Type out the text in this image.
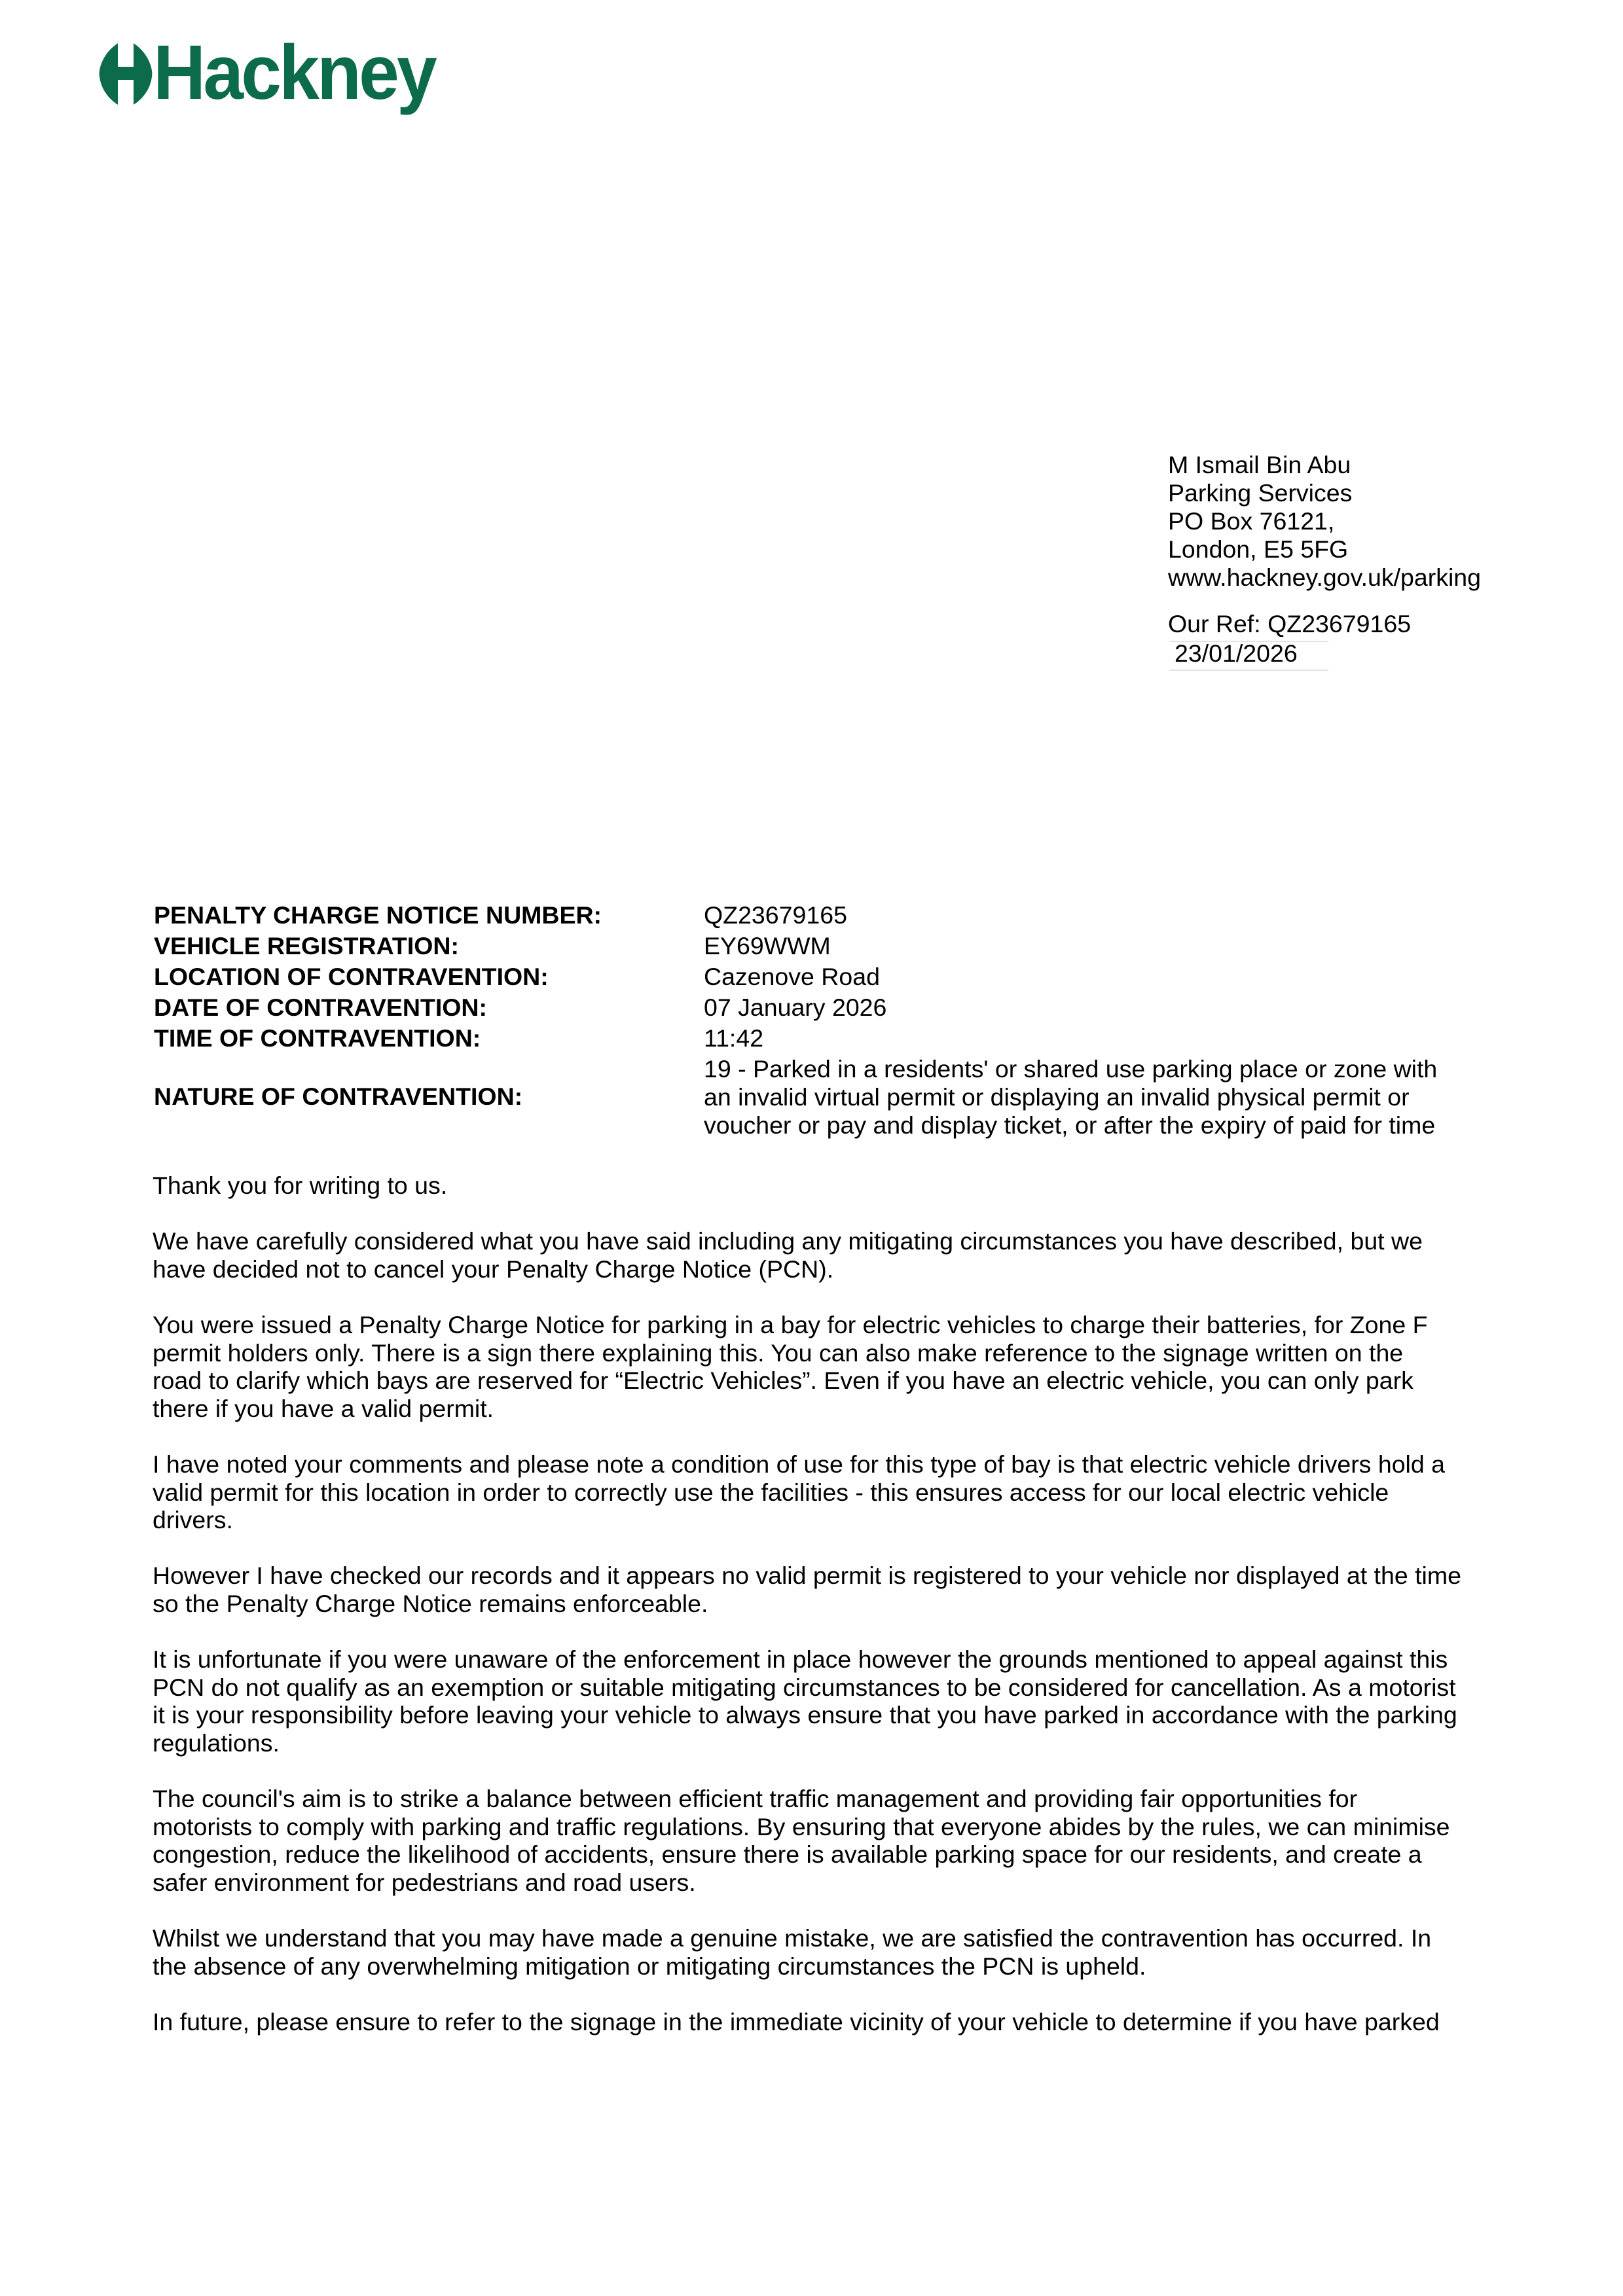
Hackney
M Ismail Bin Abu
Parking Services
PO Box 76121,
London, E5 5FG
www.hackney.gov.uk/parking
Our Ref: QZ23679165
23/01/2026
PENALTY CHARGE NOTICE NUMBER:	QZ23679165
VEHICLE REGISTRATION:	EY69WWM
LOCATION OF CONTRAVENTION:	Cazenove Road
DATE OF CONTRAVENTION:	07 January 2026
TIME OF CONTRAVENTION:	11:42
NATURE OF CONTRAVENTION:
19 - Parked in a residents' or shared use parking place or zone with
an invalid virtual permit or displaying an invalid physical permit or
voucher or pay and display ticket, or after the expiry of paid for time

Thank you for writing to us.

We have carefully considered what you have said including any mitigating circumstances you have described, but we
have decided not to cancel your Penalty Charge Notice (PCN).

You were issued a Penalty Charge Notice for parking in a bay for electric vehicles to charge their batteries, for Zone F
permit holders only. There is a sign there explaining this. You can also make reference to the signage written on the
road to clarify which bays are reserved for “Electric Vehicles”. Even if you have an electric vehicle, you can only park
there if you have a valid permit.

I have noted your comments and please note a condition of use for this type of bay is that electric vehicle drivers hold a
valid permit for this location in order to correctly use the facilities - this ensures access for our local electric vehicle
drivers.

However I have checked our records and it appears no valid permit is registered to your vehicle nor displayed at the time
so the Penalty Charge Notice remains enforceable.

It is unfortunate if you were unaware of the enforcement in place however the grounds mentioned to appeal against this
PCN do not qualify as an exemption or suitable mitigating circumstances to be considered for cancellation. As a motorist
it is your responsibility before leaving your vehicle to always ensure that you have parked in accordance with the parking
regulations.

The council's aim is to strike a balance between efficient traffic management and providing fair opportunities for
motorists to comply with parking and traffic regulations. By ensuring that everyone abides by the rules, we can minimise
congestion, reduce the likelihood of accidents, ensure there is available parking space for our residents, and create a
safer environment for pedestrians and road users.

Whilst we understand that you may have made a genuine mistake, we are satisfied the contravention has occurred. In
the absence of any overwhelming mitigation or mitigating circumstances the PCN is upheld.

In future, please ensure to refer to the signage in the immediate vicinity of your vehicle to determine if you have parked
